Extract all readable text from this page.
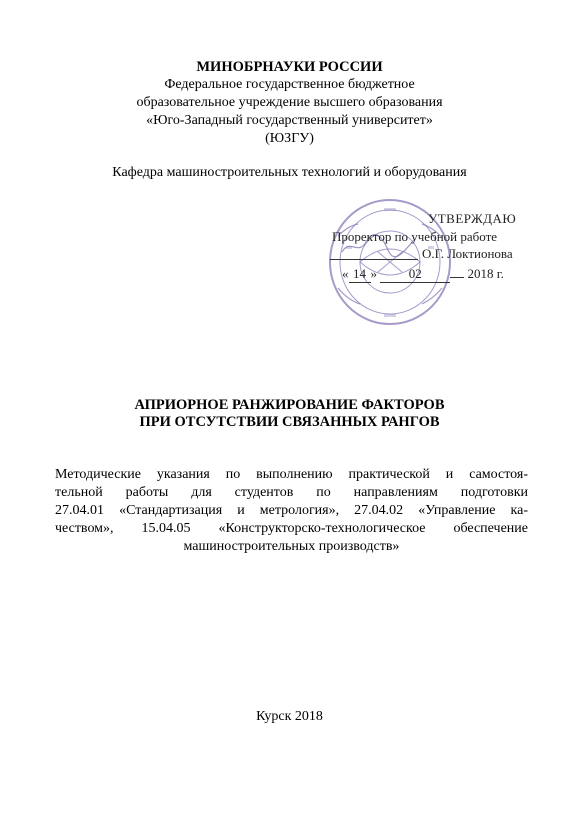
МИНОБРНАУКИ РОССИИ
Федеральное государственное бюджетное
образовательное учреждение высшего образования
«Юго-Западный государственный университет»
(ЮЗГУ)
Кафедра машиностроительных технологий и оборудования
УТВЕРЖДАЮ
Проректор по учебной работе
О.Г. Локтионова
« 14 » 02	2018 г.
АПРИОРНОЕ РАНЖИРОВАНИЕ ФАКТОРОВ
ПРИ ОТСУТСТВИИ СВЯЗАННЫХ РАНГОВ
Методические указания по выполнению практической и самостоя-
тельной работы для студентов по направлениям подготовки
27.04.01 «Стандартизация и метрология», 27.04.02 «Управление ка-
чеством», 15.04.05 «Конструкторско-технологическое обеспечение
машиностроительных производств»
Курск 2018
